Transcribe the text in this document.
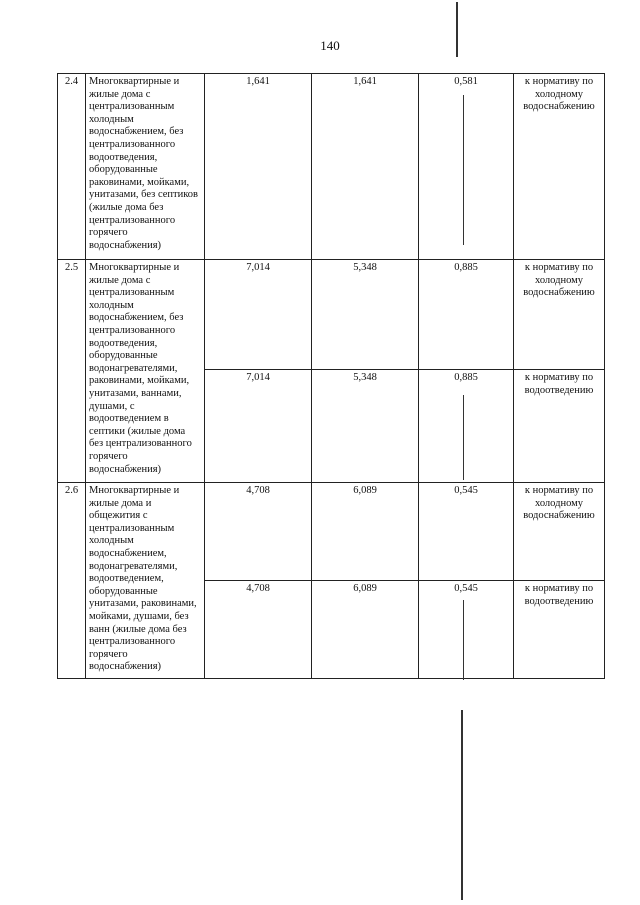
140
2.4	Многоквартирные и жилые дома с централизованным холодным водоснабжением, без централизованного водоотведения, оборудованные раковинами, мойками, унитазами, без септиков (жилые дома без централизованного горячего водоснабжения)	1,641	1,641	0,581	к нормативу по холодному водоснабжению
2.5	Многоквартирные и жилые дома с централизованным холодным водоснабжением, без централизованного водоотведения, оборудованные водонагревателями, раковинами, мойками, унитазами, ваннами, душами, с водоотведением в септики (жилые дома без централизованного горячего водоснабжения)	7,014	5,348	0,885	к нормативу по холодному водоснабжению
		7,014	5,348	0,885	к нормативу по водоотведению
2.6	Многоквартирные и жилые дома и общежития с централизованным холодным водоснабжением, водонагревателями, водоотведением, оборудованные унитазами, раковинами, мойками, душами, без ванн (жилые дома без централизованного горячего водоснабжения)	4,708	6,089	0,545	к нормативу по холодному водоснабжению
		4,708	6,089	0,545	к нормативу по водоотведению
